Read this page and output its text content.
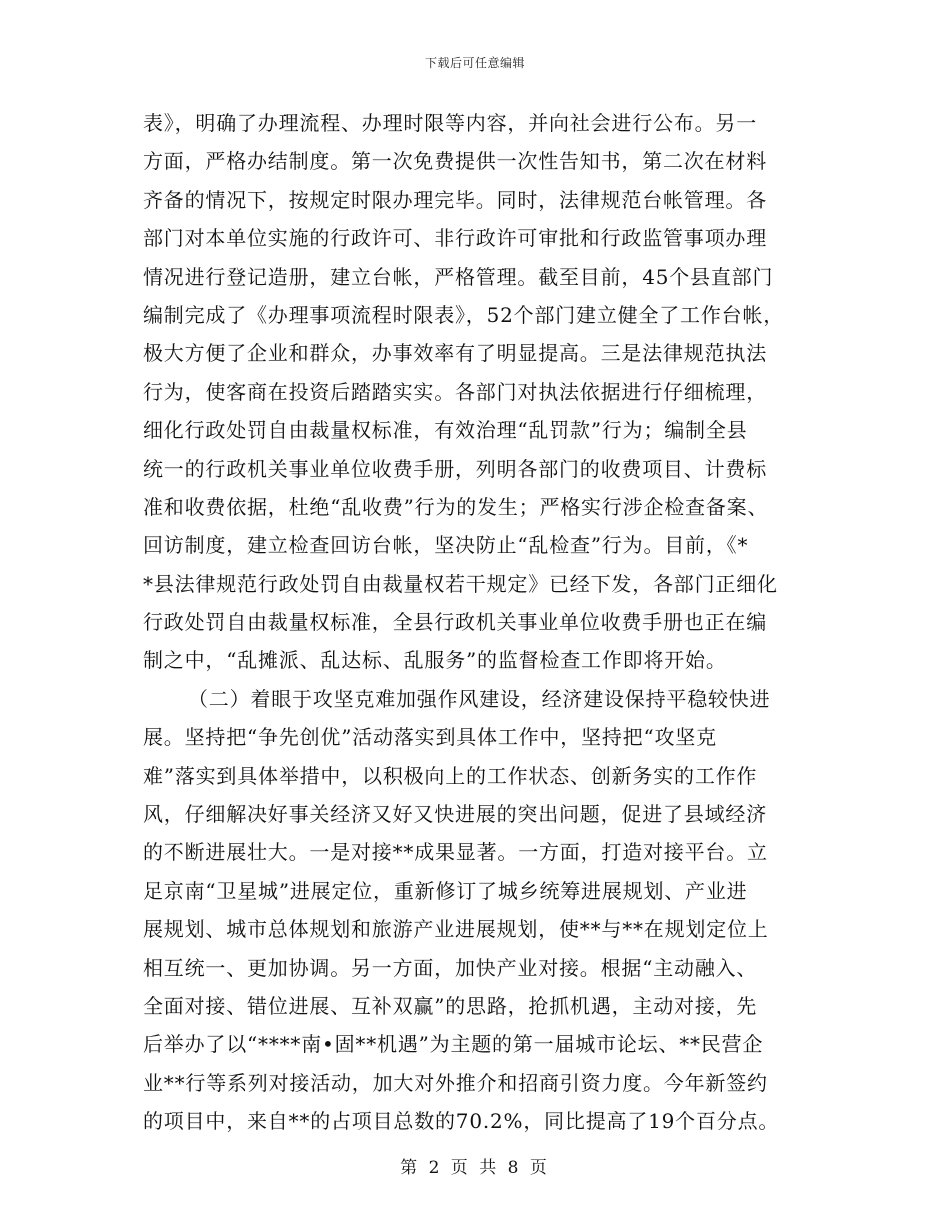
下载后可任意编辑
表》，明确了办理流程、办理时限等内容，并向社会进行公布。另一
方面，严格办结制度。第一次免费提供一次性告知书，第二次在材料
齐备的情况下，按规定时限办理完毕。同时，法律规范台帐管理。各
部门对本单位实施的行政许可、非行政许可审批和行政监管事项办理
情况进行登记造册，建立台帐，严格管理。截至目前，45个县直部门
编制完成了《办理事项流程时限表》，52个部门建立健全了工作台帐，
极大方便了企业和群众，办事效率有了明显提高。三是法律规范执法
行为，使客商在投资后踏踏实实。各部门对执法依据进行仔细梳理，
细化行政处罚自由裁量权标准，有效治理“乱罚款”行为；编制全县
统一的行政机关事业单位收费手册，列明各部门的收费项目、计费标
准和收费依据，杜绝“乱收费”行为的发生；严格实行涉企检查备案、
回访制度，建立检查回访台帐，坚决防止“乱检查”行为。目前，《*
*县法律规范行政处罚自由裁量权若干规定》已经下发，各部门正细化
行政处罚自由裁量权标准，全县行政机关事业单位收费手册也正在编
制之中，“乱摊派、乱达标、乱服务”的监督检查工作即将开始。
（二）着眼于攻坚克难加强作风建设，经济建设保持平稳较快进
展。坚持把“争先创优”活动落实到具体工作中，坚持把“攻坚克
难”落实到具体举措中，以积极向上的工作状态、创新务实的工作作
风，仔细解决好事关经济又好又快进展的突出问题，促进了县域经济
的不断进展壮大。一是对接**成果显著。一方面，打造对接平台。立
足京南“卫星城”进展定位，重新修订了城乡统筹进展规划、产业进
展规划、城市总体规划和旅游产业进展规划，使**与**在规划定位上
相互统一、更加协调。另一方面，加快产业对接。根据“主动融入、
全面对接、错位进展、互补双赢”的思路，抢抓机遇，主动对接，先
后举办了以“****南•固**机遇”为主题的第一届城市论坛、**民营企
业**行等系列对接活动，加大对外推介和招商引资力度。今年新签约
的项目中，来自**的占项目总数的70.2%，同比提高了19个百分点。
第 2 页 共 8 页
